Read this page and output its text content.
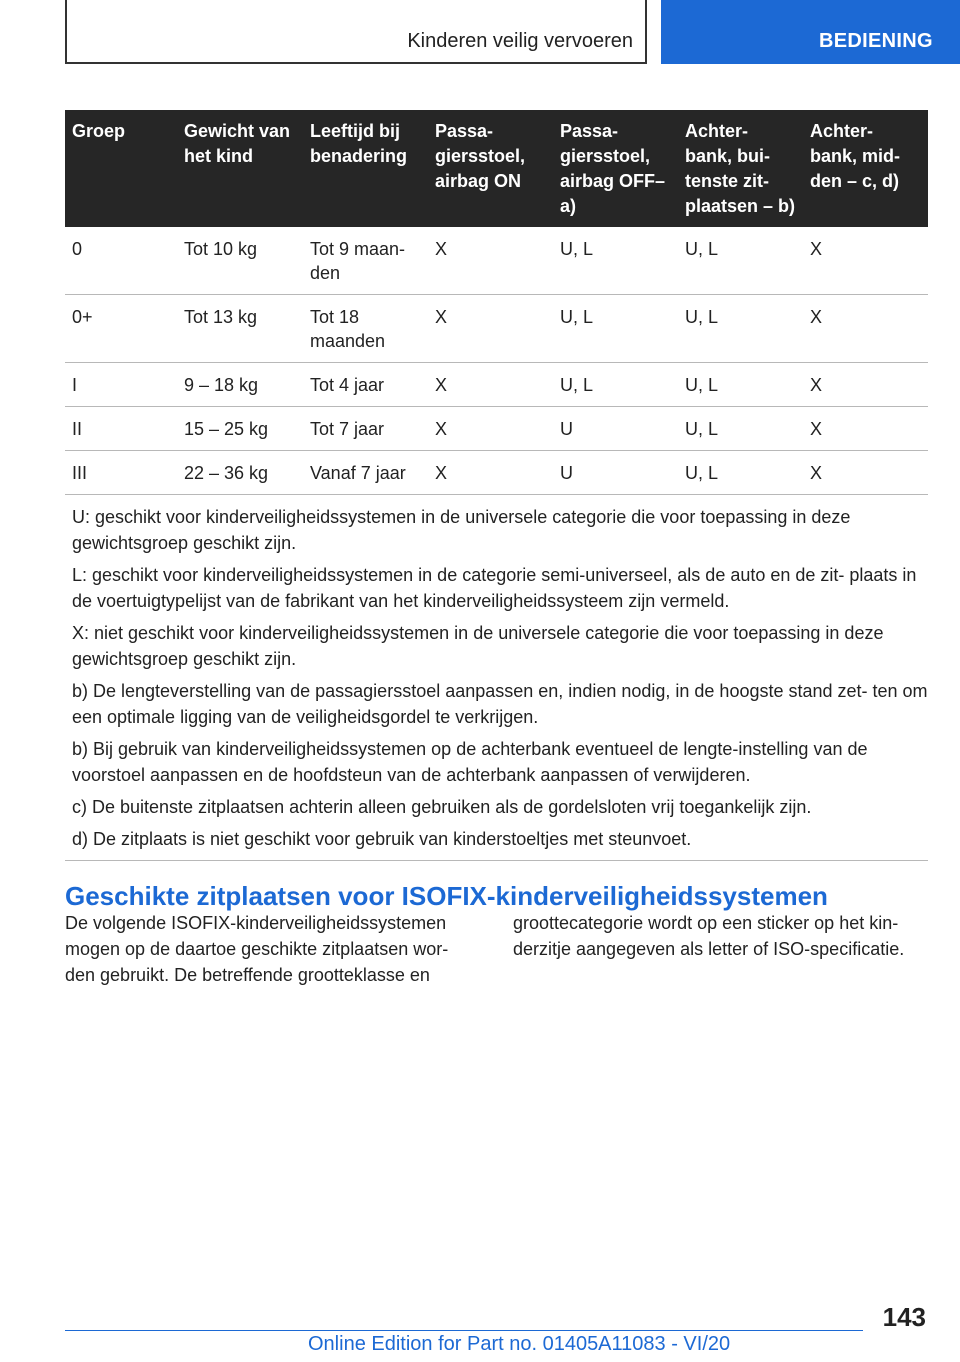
Kinderen veilig vervoeren	BEDIENING
Groep	Gewicht van het kind	Leeftijd bij benadering	Passa- giersstoel, airbag ON	Passa- giersstoel, airbag OFF– a)	Achter- bank, bui- tenste zit- plaatsen – b)	Achter- bank, mid- den – c, d)
0	Tot 10 kg	Tot 9 maan- den	X	U, L	U, L	X
0+	Tot 13 kg	Tot 18 maanden	X	U, L	U, L	X
I	9 – 18 kg	Tot 4 jaar	X	U, L	U, L	X
II	15 – 25 kg	Tot 7 jaar	X	U	U, L	X
III	22 – 36 kg	Vanaf 7 jaar	X	U	U, L	X

U: geschikt voor kinderveiligheidssystemen in de universele categorie die voor toepassing in deze gewichtsgroep geschikt zijn.

L: geschikt voor kinderveiligheidssystemen in de categorie semi-universeel, als de auto en de zit- plaats in de voertuigtypelijst van de fabrikant van het kinderveiligheidssysteem zijn vermeld.

X: niet geschikt voor kinderveiligheidssystemen in de universele categorie die voor toepassing in deze gewichtsgroep geschikt zijn.

b) De lengteverstelling van de passagiersstoel aanpassen en, indien nodig, in de hoogste stand zet- ten om een optimale ligging van de veiligheidsgordel te verkrijgen.

b) Bij gebruik van kinderveiligheidssystemen op de achterbank eventueel de lengte-instelling van de voorstoel aanpassen en de hoofdsteun van de achterbank aanpassen of verwijderen.

c) De buitenste zitplaatsen achterin alleen gebruiken als de gordelsloten vrij toegankelijk zijn.

d) De zitplaats is niet geschikt voor gebruik van kinderstoeltjes met steunvoet.

Geschikte zitplaatsen voor ISOFIX-kinderveiligheidssystemen

De volgende ISOFIX-kinderveiligheidssystemen mogen op de daartoe geschikte zitplaatsen wor- den gebruikt. De betreffende grootteklasse en

groottecategorie wordt op een sticker op het kin- derzitje aangegeven als letter of ISO-specificatie.

143
Online Edition for Part no. 01405A11083 - VI/20
